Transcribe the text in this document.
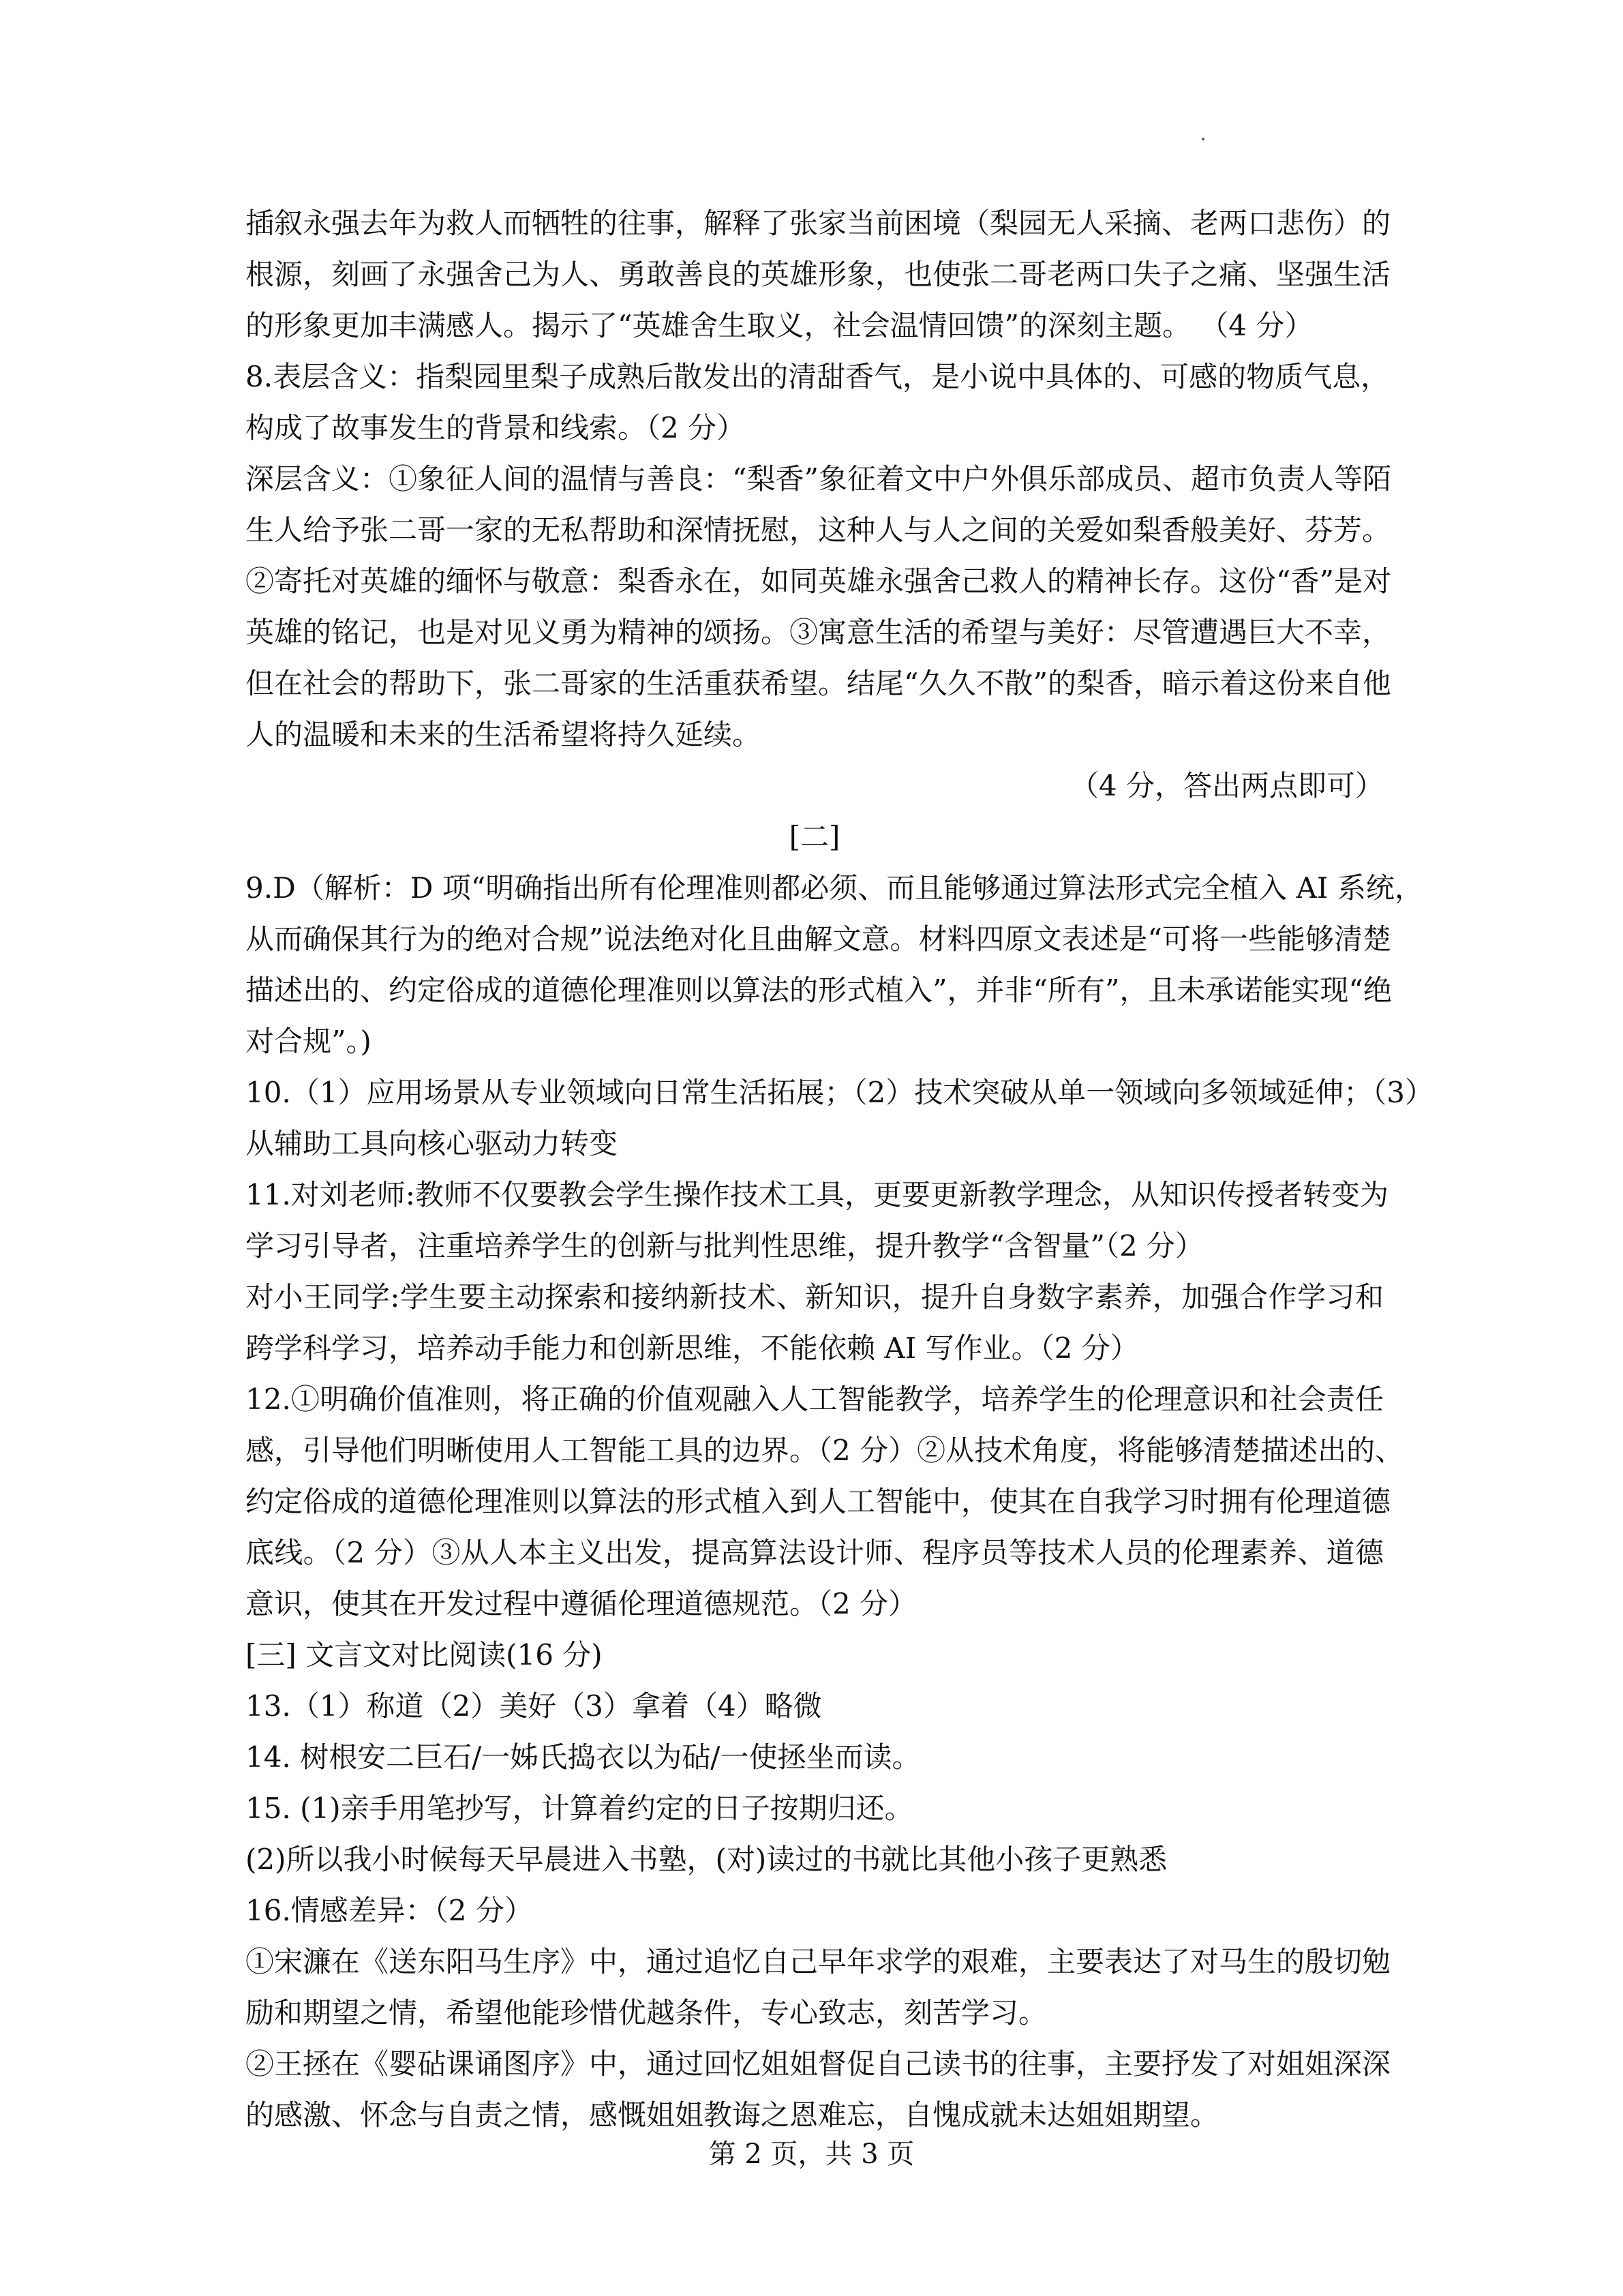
插叙永强去年为救人而牺牲的往事，解释了张家当前困境（梨园无人采摘、老两口悲伤）的
根源，刻画了永强舍己为人、勇敢善良的英雄形象，也使张二哥老两口失子之痛、坚强生活
的形象更加丰满感人。揭示了“英雄舍生取义，社会温情回馈”的深刻主题。 （4 分）
8.表层含义：指梨园里梨子成熟后散发出的清甜香气，是小说中具体的、可感的物质气息，
构成了故事发生的背景和线索。（2 分）
深层含义：①象征人间的温情与善良：“梨香”象征着文中户外俱乐部成员、超市负责人等陌
生人给予张二哥一家的无私帮助和深情抚慰，这种人与人之间的关爱如梨香般美好、芬芳。
②寄托对英雄的缅怀与敬意：梨香永在，如同英雄永强舍己救人的精神长存。这份“香”是对
英雄的铭记，也是对见义勇为精神的颂扬。③寓意生活的希望与美好：尽管遭遇巨大不幸，
但在社会的帮助下，张二哥家的生活重获希望。结尾“久久不散”的梨香，暗示着这份来自他
人的温暖和未来的生活希望将持久延续。
（4 分，答出两点即可）
[二]
9.D（解析：D 项“明确指出所有伦理准则都必须、而且能够通过算法形式完全植入 AI 系统，
从而确保其行为的绝对合规”说法绝对化且曲解文意。材料四原文表述是“可将一些能够清楚
描述出的、约定俗成的道德伦理准则以算法的形式植入”，并非“所有”，且未承诺能实现“绝
对合规”。)
10.（1）应用场景从专业领域向日常生活拓展；（2）技术突破从单一领域向多领域延伸；（3）
从辅助工具向核心驱动力转变
11.对刘老师:教师不仅要教会学生操作技术工具，更要更新教学理念，从知识传授者转变为
学习引导者，注重培养学生的创新与批判性思维，提升教学“含智量”（2 分）
对小王同学:学生要主动探索和接纳新技术、新知识，提升自身数字素养，加强合作学习和
跨学科学习，培养动手能力和创新思维，不能依赖 AI 写作业。（2 分）
12.①明确价值准则，将正确的价值观融入人工智能教学，培养学生的伦理意识和社会责任
感，引导他们明晰使用人工智能工具的边界。（2 分）②从技术角度，将能够清楚描述出的、
约定俗成的道德伦理准则以算法的形式植入到人工智能中，使其在自我学习时拥有伦理道德
底线。（2 分）③从人本主义出发，提高算法设计师、程序员等技术人员的伦理素养、道德
意识，使其在开发过程中遵循伦理道德规范。（2 分）
[三] 文言文对比阅读(16 分)
13.（1）称道（2）美好（3）拿着（4）略微
14. 树根安二巨石/一姊氏捣衣以为砧/一使拯坐而读。
15. (1)亲手用笔抄写，计算着约定的日子按期归还。
(2)所以我小时候每天早晨进入书塾，(对)读过的书就比其他小孩子更熟悉
16.情感差异：（2 分）
①宋濂在《送东阳马生序》中，通过追忆自己早年求学的艰难，主要表达了对马生的殷切勉
励和期望之情，希望他能珍惜优越条件，专心致志，刻苦学习。
②王拯在《婴砧课诵图序》中，通过回忆姐姐督促自己读书的往事，主要抒发了对姐姐深深
的感激、怀念与自责之情，感慨姐姐教诲之恩难忘，自愧成就未达姐姐期望。
第 2 页，共 3 页
